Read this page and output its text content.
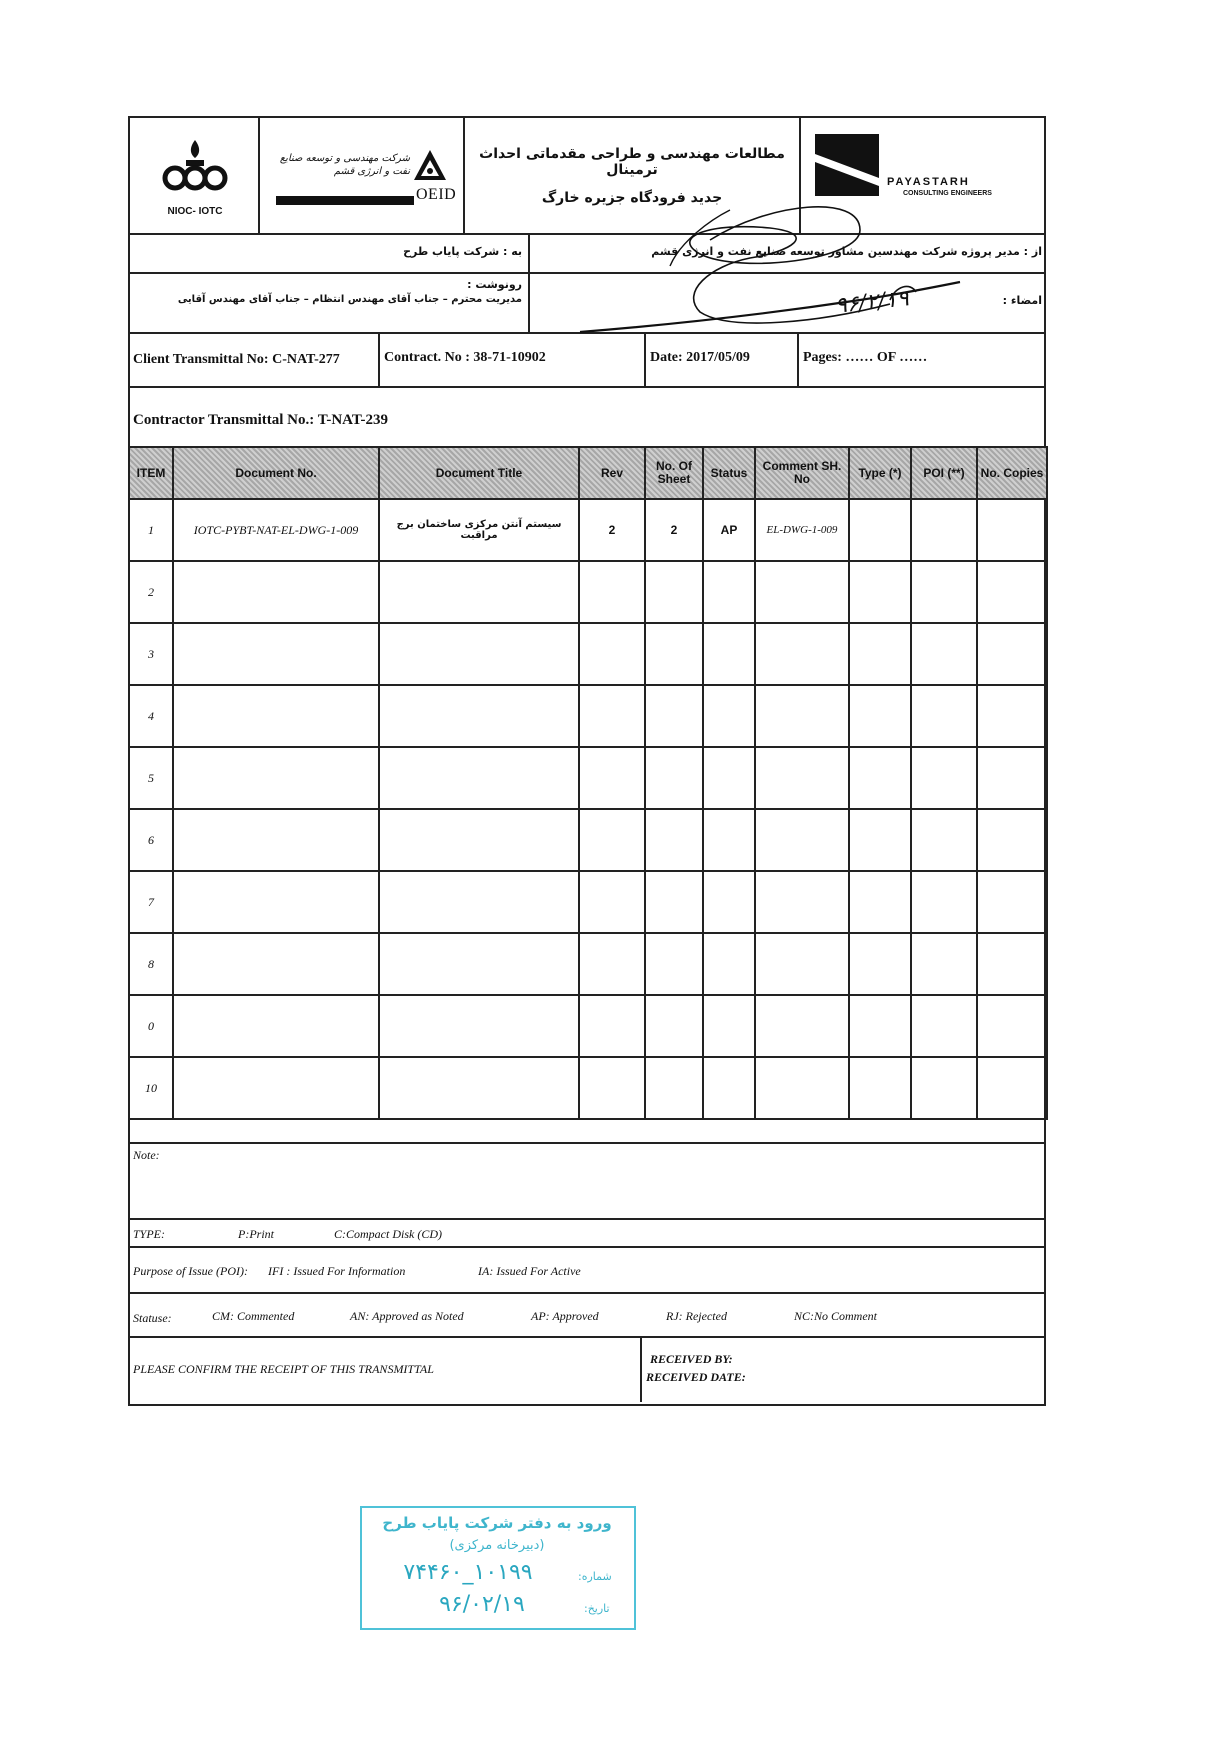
NIOC- IOTC
شرکت مهندسی و توسعه صنایع نفت و انرژی قشم
OEID
مطالعات مهندسی و طراحی مقدماتی احداث ترمینال
جدید فرودگاه جزیره خارگ
PAYASTARH
CONSULTING ENGINEERS
به : شرکت پایاب طرح	از : مدیر پروژه شرکت مهندسین مشاور توسعه صنایع نفت و انرژی قشم
رونوشت :
مدیریت محترم – جناب آقای مهندس انتظام – جناب آقای مهندس آقایی	امضاء :
۹۶/۲/۱۹
Client Transmittal No: C-NAT-277	Contract. No : 38-71-10902	Date: 2017/05/09	Pages: …… OF ……
Contractor Transmittal No.: T-NAT-239
ITEM	Document No.	Document Title	Rev	No. Of Sheet	Status	Comment SH. No	Type (*)	POI (**)	No. Copies
1	IOTC-PYBT-NAT-EL-DWG-1-009	سیستم آنتن مرکزی ساختمان برج مراقبت	2	2	AP	EL-DWG-1-009			
2									
3									
4									
5									
6									
7									
8									
0									
10									
Note:
TYPE:	P:Print	C:Compact Disk (CD)
Purpose of Issue (POI): IFI : Issued For Information	IA: Issued For Active
Statuse:	CM: Commented	AN: Approved as Noted	AP: Approved	RJ: Rejected	NC:No Comment
PLEASE CONFIRM THE RECEIPT OF THIS TRANSMITTAL
RECEIVED BY:
RECEIVED DATE:
ورود به دفتر شرکت پایاب طرح
(دبیرخانه مرکزی)
شماره:
۱۰۱۹۹_۷۴۴۶۰
تاریخ:
۹۶/۰۲/۱۹
